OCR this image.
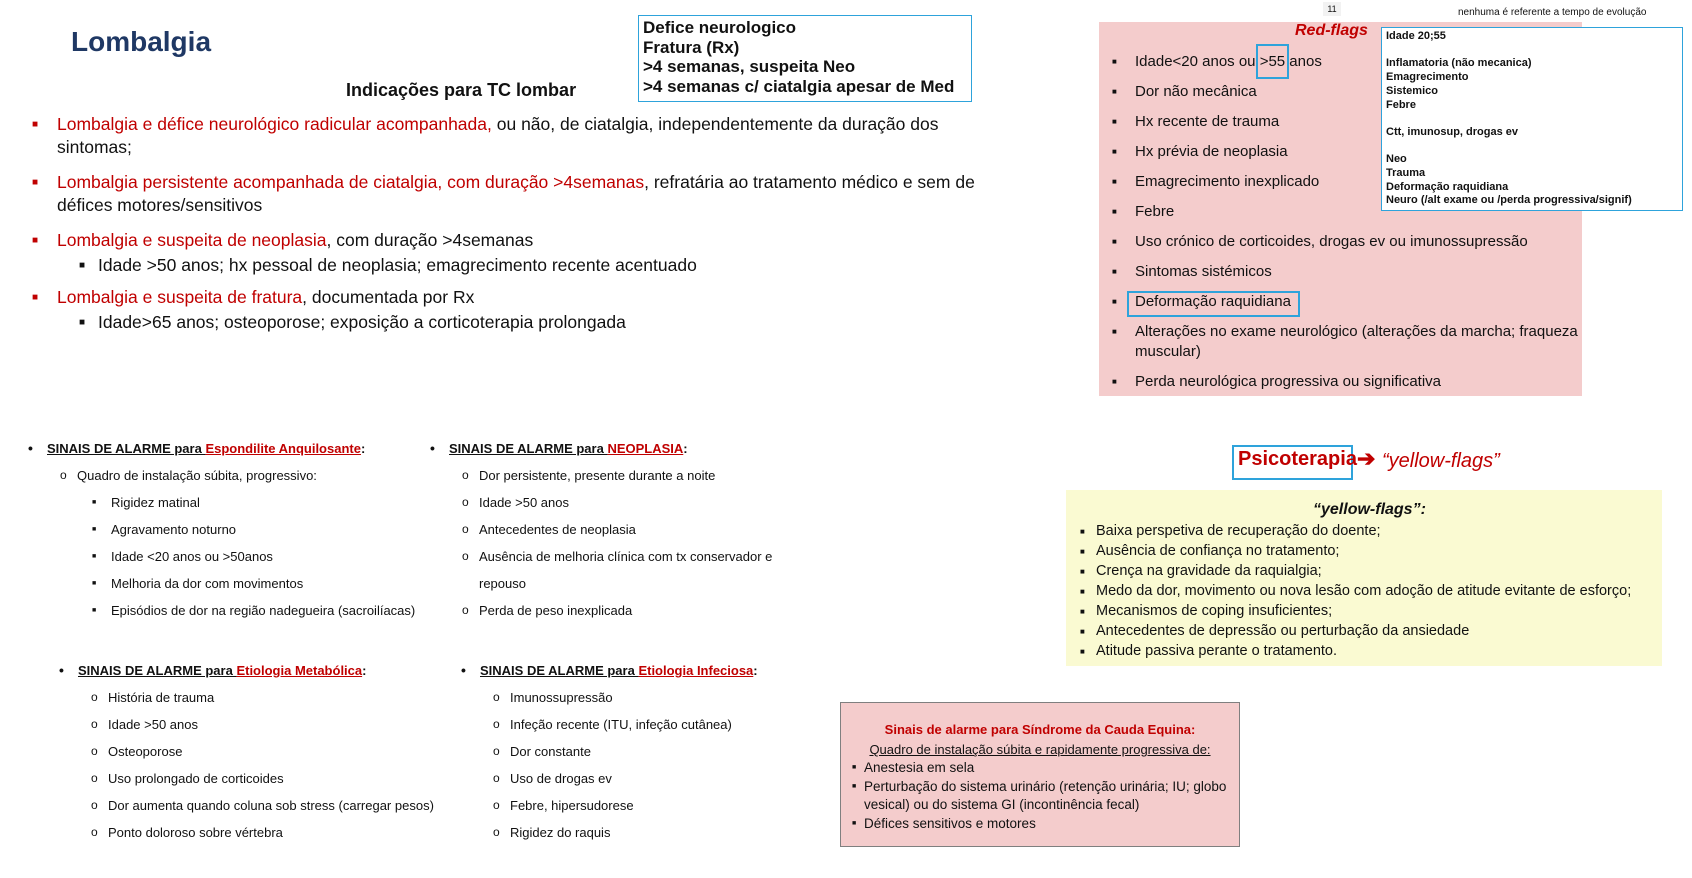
Lombalgia
Indicações para TC lombar
Defice neurologico
Fratura (Rx)
>4 semanas, suspeita Neo
>4 semanas c/ ciatalgia apesar de Med
■ Lombalgia e défice neurológico radicular acompanhada, ou não, de ciatalgia, independentemente da duração dos sintomas;
■ Lombalgia persistente acompanhada de ciatalgia, com duração >4semanas, refratária ao tratamento médico e sem de défices motores/sensitivos
■ Lombalgia e suspeita de neoplasia, com duração >4semanas
■ Idade >50 anos; hx pessoal de neoplasia; emagrecimento recente acentuado
■ Lombalgia e suspeita de fratura, documentada por Rx
■ Idade>65 anos; osteoporose; exposição a corticoterapia prolongada
11	nenhuma é referente a tempo de evolução
Red-flags
■ Idade<20 anos ou >55 anos
■ Dor não mecânica
■ Hx recente de trauma
■ Hx prévia de neoplasia
■ Emagrecimento inexplicado
■ Febre
■ Uso crónico de corticoides, drogas ev ou imunossupressão
■ Sintomas sistémicos
■ Deformação raquidiana
■ Alterações no exame neurológico (alterações da marcha; fraqueza muscular)
■ Perda neurológica progressiva ou significativa
Idade 20;55
Inflamatoria (não mecanica)
Emagrecimento
Sistemico
Febre
Ctt, imunosup, drogas ev
Neo
Trauma
Deformação raquidiana
Neuro (/alt exame ou /perda progressiva/signif)
• SINAIS DE ALARME para Espondilite Anquilosante:
o Quadro de instalação súbita, progressivo:
■ Rigidez matinal
■ Agravamento noturno
■ Idade <20 anos ou >50anos
■ Melhoria da dor com movimentos
■ Episódios de dor na região nadegueira (sacroilíacas)
• SINAIS DE ALARME para NEOPLASIA:
o Dor persistente, presente durante a noite
o Idade >50 anos
o Antecedentes de neoplasia
o Ausência de melhoria clínica com tx conservador e
repouso
o Perda de peso inexplicada
• SINAIS DE ALARME para Etiologia Metabólica:
o História de trauma
o Idade >50 anos
o Osteoporose
o Uso prolongado de corticoides
o Dor aumenta quando coluna sob stress (carregar pesos)
o Ponto doloroso sobre vértebra
• SINAIS DE ALARME para Etiologia Infeciosa:
o Imunossupressão
o Infeção recente (ITU, infeção cutânea)
o Dor constante
o Uso de drogas ev
o Febre, hipersudorese
o Rigidez do raquis
Psicoterapia ➔ “yellow-flags”
“yellow-flags”:
■ Baixa perspetiva de recuperação do doente;
■ Ausência de confiança no tratamento;
■ Crença na gravidade da raquialgia;
■ Medo da dor, movimento ou nova lesão com adoção de atitude evitante de esforço;
■ Mecanismos de coping insuficientes;
■ Antecedentes de depressão ou perturbação da ansiedade
■ Atitude passiva perante o tratamento.
Sinais de alarme para Síndrome da Cauda Equina:
Quadro de instalação súbita e rapidamente progressiva de:
■ Anestesia em sela
■ Perturbação do sistema urinário (retenção urinária; IU; globo vesical) ou do sistema GI (incontinência fecal)
■ Défices sensitivos e motores
